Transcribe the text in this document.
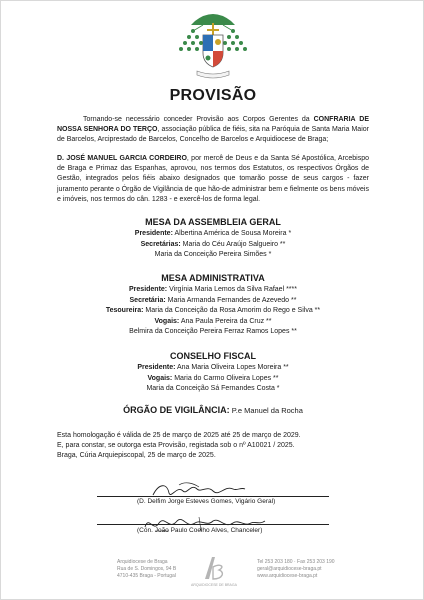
PROVISÃO
Tornando-se necessário conceder Provisão aos Corpos Gerentes da CONFRARIA DE NOSSA SENHORA DO TERÇO, associação pública de fiéis, sita na Paróquia de Santa Maria Maior de Barcelos, Arciprestado de Barcelos, Concelho de Barcelos e Arquidiocese de Braga;
D. JOSÉ MANUEL GARCIA CORDEIRO, por mercê de Deus e da Santa Sé Apostólica, Arcebispo de Braga e Primaz das Espanhas, aprovou, nos termos dos Estatutos, os respectivos Órgãos de Gestão, integrados pelos fiéis abaixo designados que tomarão posse de seus cargos - fazer juramento perante o Órgão de Vigilância de que hão-de administrar bem e fielmente os bens móveis e imóveis, nos termos do cân. 1283 - e exercê-los de forma legal.
MESA DA ASSEMBLEIA GERAL
Presidente: Albertina América de Sousa Moreira *
Secretárias: Maria do Céu Araújo Salgueiro **
Maria da Conceição Pereira Simões *
MESA ADMINISTRATIVA
Presidente: Virgínia Maria Lemos da Silva Rafael ****
Secretária: Maria Armanda Fernandes de Azevedo **
Tesoureira: Maria da Conceição da Rosa Amorim do Rego e Silva **
Vogais: Ana Paula Pereira da Cruz **
Belmira da Conceição Pereira Ferraz Ramos Lopes **
CONSELHO FISCAL
Presidente: Ana Maria Oliveira Lopes Moreira **
Vogais: Maria do Carmo Oliveira Lopes **
Maria da Conceição Sá Fernandes Costa *
ÓRGÃO DE VIGILÂNCIA: P.e Manuel da Rocha
Esta homologação é válida de 25 de março de 2025 até 25 de março de 2029.
E, para constar, se outorga esta Provisão, registada sob o nº A10021 / 2025.
Braga, Cúria Arquiepiscopal, 25 de março de 2025.
(D. Delfim Jorge Esteves Gomes, Vigário Geral)
(Cón. João Paulo Coelho Alves, Chanceler)
Arquidiocese de Braga
Rua de S. Domingos, 94 B
4710-435 Braga - Portugal
ARQUIDIOCESE DE BRAGA
Tel 253 203 180 · Fax 253 203 190
geral@arquidiocese-braga.pt
www.arquidiocese-braga.pt
